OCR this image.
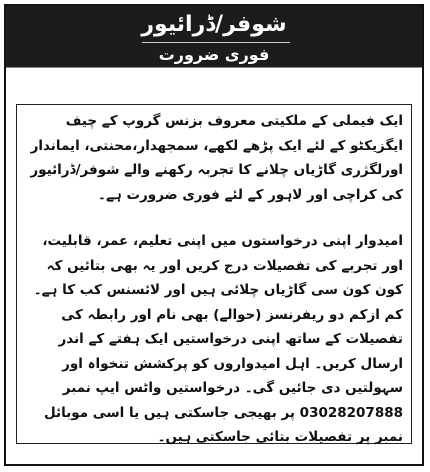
شوفر/ڈرائیور
فوری ضرورت
ایک فیملی کے ملکیتی معروف بزنس گروپ کے چیف ایگزیکٹو کے لئے ایک پڑھے لکھے، سمجھدار،محنتی، ایماندار اورلگژری گاڑیاں چلانے کا تجربہ رکھنے والے شوفر/ڈرائیور کی کراچی اور لاہور کے لئے فوری ضرورت ہے۔
امیدوار اپنی درخواستوں میں اپنی تعلیم، عمر، قابلیت، اور تجربے کی تفصیلات درج کریں اور یہ بھی بتائیں کہ کون کون سی گاڑیاں چلائی ہیں اور لائسنس کب کا ہے۔کم ازکم دو ریفرنسز (حوالے) بھی نام اور رابطہ کی تفصیلات کے ساتھ اپنی درخواستیں ایک ہفتے کے اندر ارسال کریں۔ اہل امیدواروں کو پرکشش تنخواہ اور سہولتیں دی جائیں گی۔ درخواستیں واٹس ایپ نمبر 03028207888 پر بھیجی جاسکتی ہیں یا اسی موبائل نمبر پر تفصیلات بتائی جاسکتی ہیں۔
